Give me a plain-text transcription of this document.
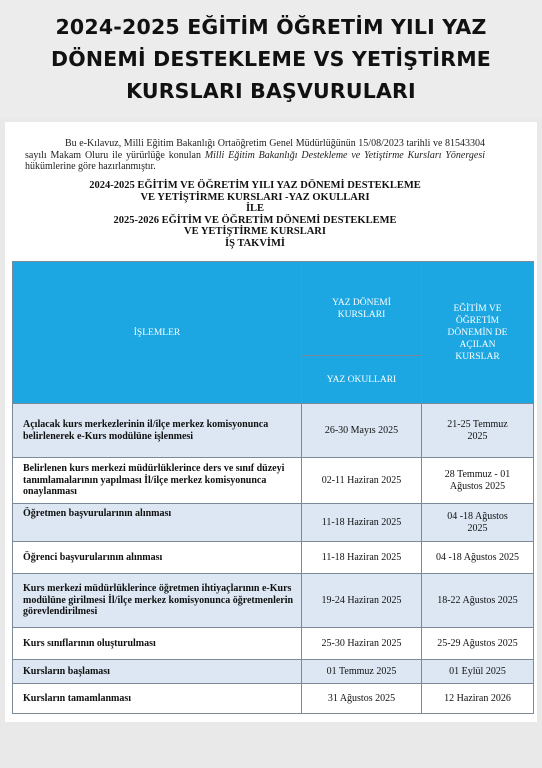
2024-2025 EĞİTİM ÖĞRETİM YILI YAZ
DÖNEMİ DESTEKLEME VS YETİŞTİRME
KURSLARI BAŞVURULARI
Bu e-Kılavuz, Milli Eğitim Bakanlığı Ortaöğretim Genel Müdürlüğünün 15/08/2023 tarihli ve 81543304 sayılı Makam Oluru ile yürürlüğe konulan Milli Eğitim Bakanlığı Destekleme ve Yetiştirme Kursları Yönergesi hükümlerine göre hazırlanmıştır.
2024-2025 EĞİTİM VE ÖĞRETİM YILI YAZ DÖNEMİ DESTEKLEME
VE YETİŞTİRME KURSLARI -YAZ OKULLARI
İLE
2025-2026 EĞİTİM VE ÖĞRETİM DÖNEMİ DESTEKLEME
VE YETİŞTİRME KURSLARI
İŞ TAKVİMİ
İŞLEMLER	YAZ DÖNEMİ KURSLARI	EĞİTİM VE ÖĞRETİM DÖNEMİN DE AÇILAN KURSLAR
	YAZ OKULLARI	
Açılacak kurs merkezlerinin il/ilçe merkez komisyonunca belirlenerek e-Kurs modülüne işlenmesi	26-30 Mayıs 2025	21-25 Temmuz 2025
Belirlenen kurs merkezi müdürlüklerince ders ve sınıf düzeyi tanımlamalarının yapılması İl/ilçe merkez komisyonunca onaylanması	02-11 Haziran 2025	28 Temmuz - 01 Ağustos 2025
Öğretmen başvurularının alınması	11-18 Haziran 2025	04 -18 Ağustos 2025
Öğrenci başvurularının alınması	11-18 Haziran 2025	04 -18 Ağustos 2025
Kurs merkezi müdürlüklerince öğretmen ihtiyaçlarının e-Kurs modülüne girilmesi İl/ilçe merkez komisyonunca öğretmenlerin görevlendirilmesi	19-24 Haziran 2025	18-22 Ağustos 2025
Kurs sınıflarının oluşturulması	25-30 Haziran 2025	25-29 Ağustos 2025
Kursların başlaması	01 Temmuz 2025	01 Eylül 2025
Kursların tamamlanması	31 Ağustos 2025	12 Haziran 2026
